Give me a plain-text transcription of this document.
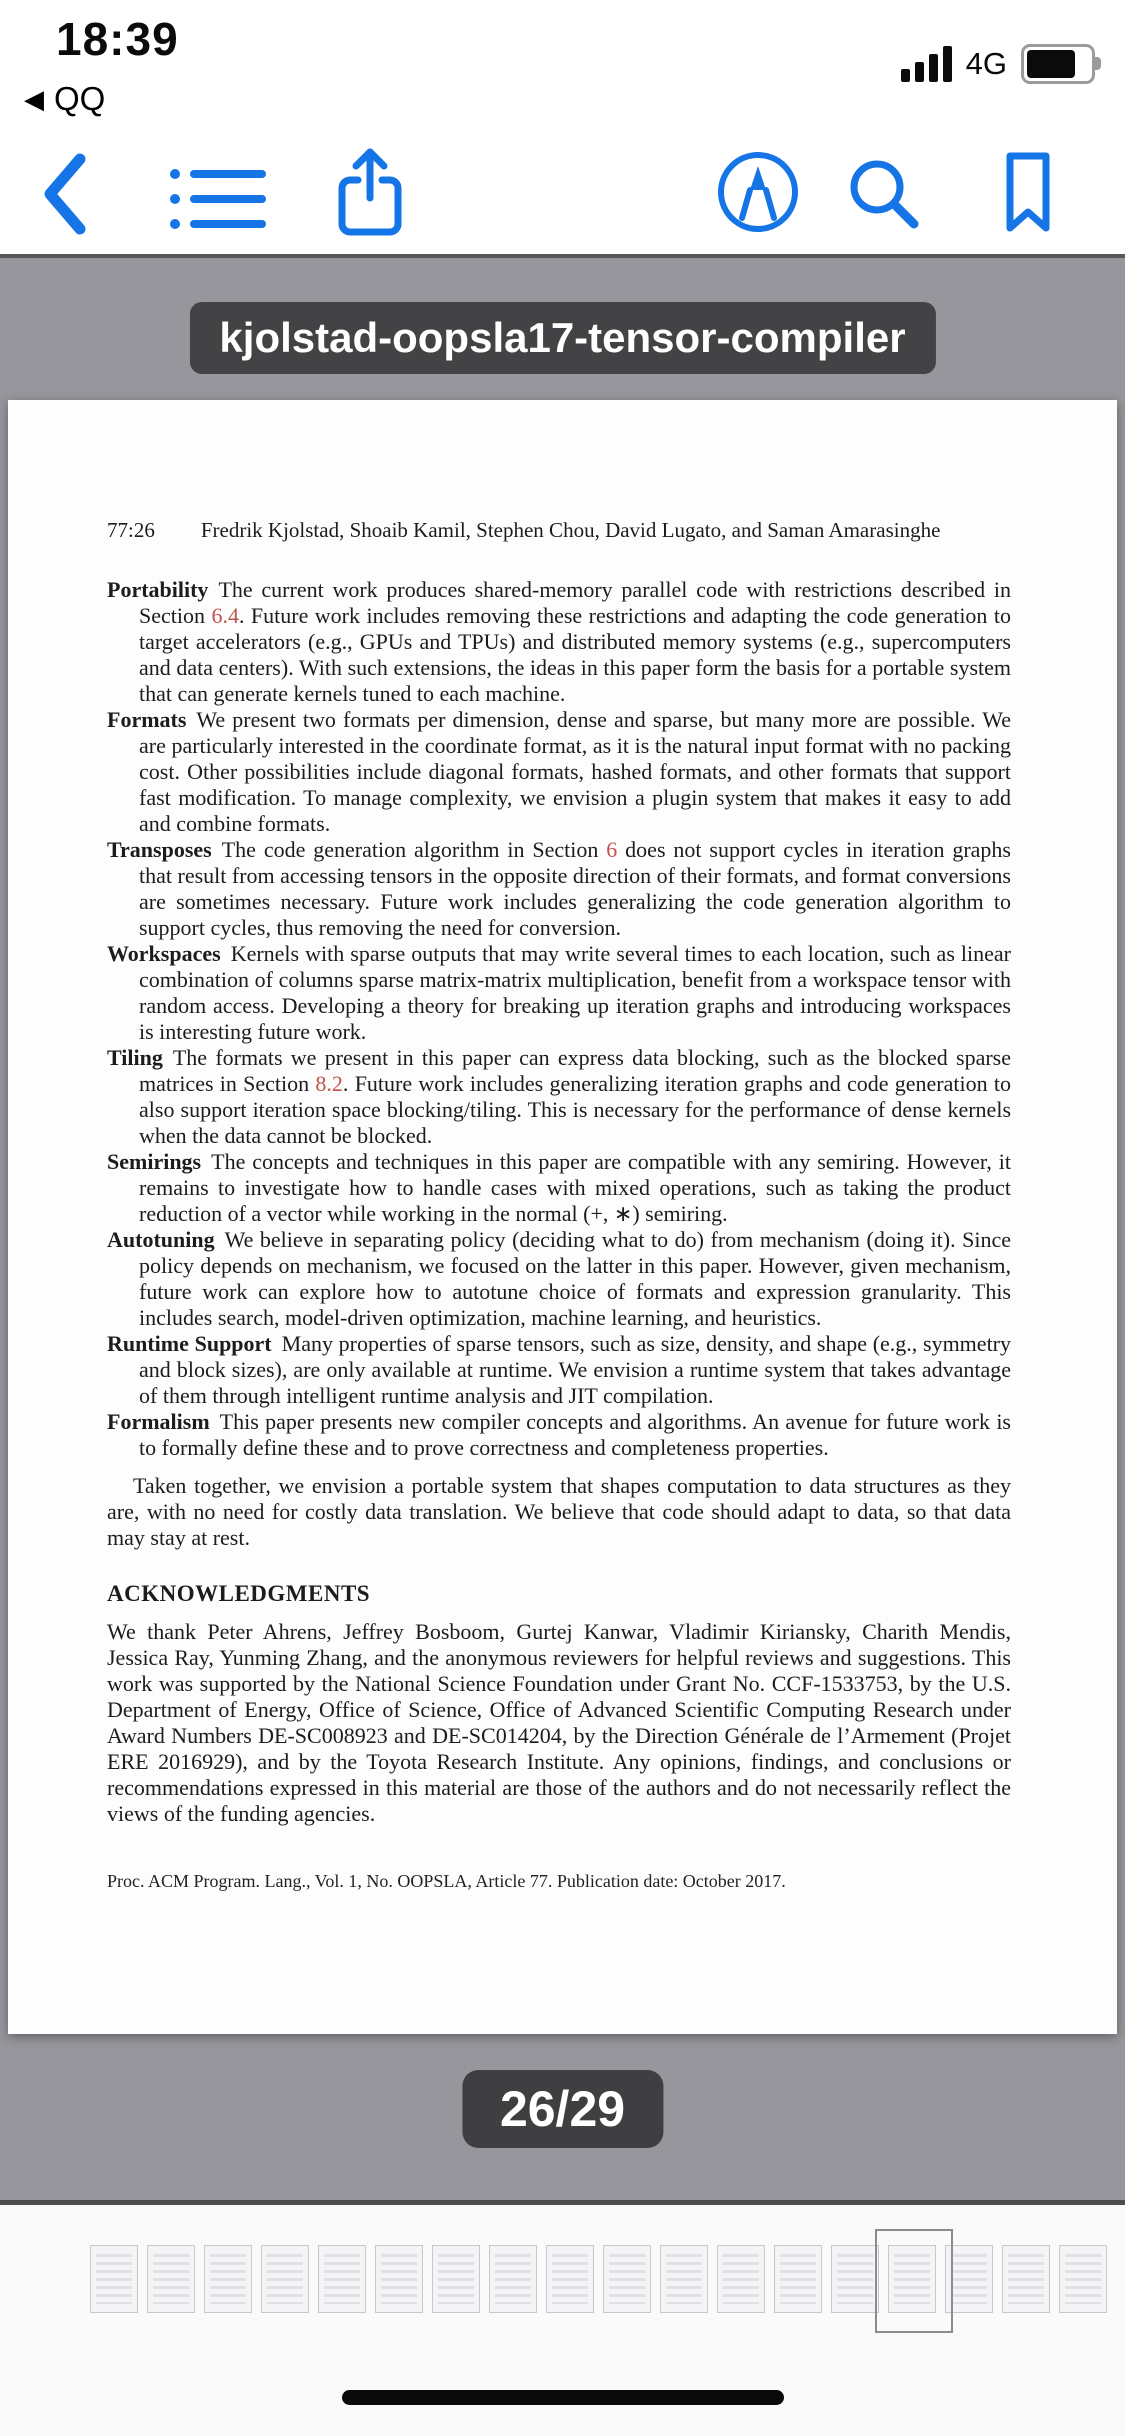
18:39
◀ QQ
4G
kjolstad-oopsla17-tensor-compiler
77:26 Fredrik Kjolstad, Shoaib Kamil, Stephen Chou, David Lugato, and Saman Amarasinghe
Portability The current work produces shared-memory parallel code with restrictions described in Section 6.4. Future work includes removing these restrictions and adapting the code generation to target accelerators (e.g., GPUs and TPUs) and distributed memory systems (e.g., supercomputers and data centers). With such extensions, the ideas in this paper form the basis for a portable system that can generate kernels tuned to each machine.
Formats We present two formats per dimension, dense and sparse, but many more are possible. We are particularly interested in the coordinate format, as it is the natural input format with no packing cost. Other possibilities include diagonal formats, hashed formats, and other formats that support fast modification. To manage complexity, we envision a plugin system that makes it easy to add and combine formats.
Transposes The code generation algorithm in Section 6 does not support cycles in iteration graphs that result from accessing tensors in the opposite direction of their formats, and format conversions are sometimes necessary. Future work includes generalizing the code generation algorithm to support cycles, thus removing the need for conversion.
Workspaces Kernels with sparse outputs that may write several times to each location, such as linear combination of columns sparse matrix-matrix multiplication, benefit from a workspace tensor with random access. Developing a theory for breaking up iteration graphs and introducing workspaces is interesting future work.
Tiling The formats we present in this paper can express data blocking, such as the blocked sparse matrices in Section 8.2. Future work includes generalizing iteration graphs and code generation to also support iteration space blocking/tiling. This is necessary for the performance of dense kernels when the data cannot be blocked.
Semirings The concepts and techniques in this paper are compatible with any semiring. However, it remains to investigate how to handle cases with mixed operations, such as taking the product reduction of a vector while working in the normal (+, ∗) semiring.
Autotuning We believe in separating policy (deciding what to do) from mechanism (doing it). Since policy depends on mechanism, we focused on the latter in this paper. However, given mechanism, future work can explore how to autotune choice of formats and expression granularity. This includes search, model-driven optimization, machine learning, and heuristics.
Runtime Support Many properties of sparse tensors, such as size, density, and shape (e.g., symmetry and block sizes), are only available at runtime. We envision a runtime system that takes advantage of them through intelligent runtime analysis and JIT compilation.
Formalism This paper presents new compiler concepts and algorithms. An avenue for future work is to formally define these and to prove correctness and completeness properties.
Taken together, we envision a portable system that shapes computation to data structures as they are, with no need for costly data translation. We believe that code should adapt to data, so that data may stay at rest.
ACKNOWLEDGMENTS
We thank Peter Ahrens, Jeffrey Bosboom, Gurtej Kanwar, Vladimir Kiriansky, Charith Mendis, Jessica Ray, Yunming Zhang, and the anonymous reviewers for helpful reviews and suggestions. This work was supported by the National Science Foundation under Grant No. CCF-1533753, by the U.S. Department of Energy, Office of Science, Office of Advanced Scientific Computing Research under Award Numbers DE-SC008923 and DE-SC014204, by the Direction Générale de l’Armement (Projet ERE 2016929), and by the Toyota Research Institute. Any opinions, findings, and conclusions or recommendations expressed in this material are those of the authors and do not necessarily reflect the views of the funding agencies.
Proc. ACM Program. Lang., Vol. 1, No. OOPSLA, Article 77. Publication date: October 2017.
26/29
